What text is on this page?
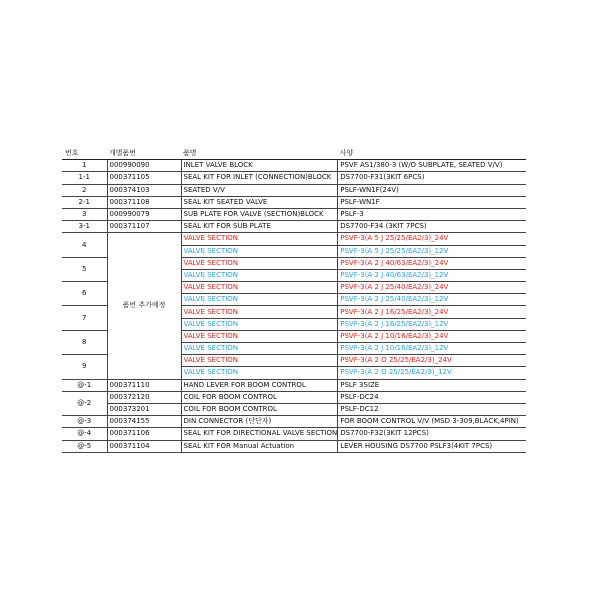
번호	개별품번	품명	사양
1	000990090	INLET VALVE BLOCK	PSVF AS1/380-3 (W/O SUBPLATE, SEATED V/V)
1-1	000371105	SEAL KIT FOR INLET (CONNECTION)BLOCK	DS7700-F31(3KIT 6PCS)
2	000374103	SEATED V/V	PSLF-WN1F(24V)
2-1	000371108	SEAL KIT SEATED VALVE	PSLF-WN1F
3	000990079	SUB PLATE FOR VALVE (SECTION)BLOCK	PSLF-3
3-1	000371107	SEAL KIT FOR SUB PLATE	DS7700-F34 (3KIT 7PCS)
4	품번 추가예정	VALVE SECTION	PSVF-3(A 5 J 25/25/EA2/3)_24V
		VALVE SECTION	PSVF-3(A 5 J 25/25/EA2/3)_12V
5		VALVE SECTION	PSVF-3(A 2 J 40/63/EA2/3)_24V
		VALVE SECTION	PSVF-3(A 2 J 40/63/EA2/3)_12V
6		VALVE SECTION	PSVF-3(A 2 J 25/40/EA2/3)_24V
		VALVE SECTION	PSVF-3(A 2 J 25/40/EA2/3)_12V
7		VALVE SECTION	PSVF-3(A 2 J 16/25/EA2/3)_24V
		VALVE SECTION	PSVF-3(A 2 J 16/25/EA2/3)_12V
8		VALVE SECTION	PSVF-3(A 2 J 10/16/EA2/3)_24V
		VALVE SECTION	PSVF-3(A 2 J 10/16/EA2/3)_12V
9		VALVE SECTION	PSVF-3(A 2 O 25/25/EA2/3)_24V
		VALVE SECTION	PSVF-3(A 2 O 25/25/EA2/3)_12V
@-1	000371110	HAND LEVER FOR BOOM CONTROL	PSLF 3SIZE
@-2	000372120	COIL FOR BOOM CONTROL	PSLF-DC24
	000373201	COIL FOR BOOM CONTROL	PSLF-DC12
@-3	000374155	DIN CONNECTOR (단단자)	FOR BOOM CONTROL V/V (MSD 3-309,BLACK,4PIN)
@-4	000371106	SEAL KIT FOR DIRECTIONAL VALVE SECTION	DS7700-F32(3KIT 12PCS)
@-5	000371104	SEAL KIT FOR Manual Actuation	LEVER HOUSING DS7700 PSLF3(4KIT 7PCS)
